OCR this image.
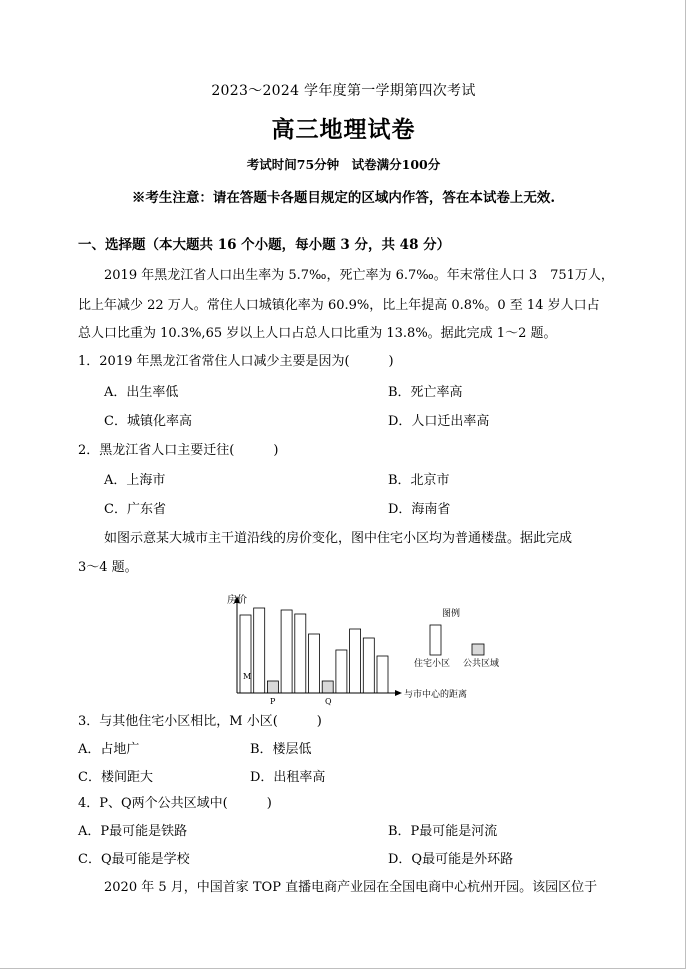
2023～2024 学年度第一学期第四次考试
高三地理试卷
考试时间75分钟　试卷满分100分
※考生注意：请在答题卡各题目规定的区域内作答，答在本试卷上无效.
一、选择题（本大题共 16 个小题，每小题 3 分，共 48 分）
2019 年黑龙江省人口出生率为 5.7‰，死亡率为 6.7‰。年末常住人口 3　751万人，
比上年减少 22 万人。常住人口城镇化率为 60.9%，比上年提高 0.8%。0 至 14 岁人口占
总人口比重为 10.3%,65 岁以上人口占总人口比重为 13.8%。据此完成 1～2 题。
1．2019 年黑龙江省常住人口减少主要是因为(　　　)
A．出生率低	B．死亡率高
C．城镇化率高	D．人口迁出率高
2．黑龙江省人口主要迁往(　　　)
A．上海市	B．北京市
C．广东省	D．海南省
如图示意某大城市主干道沿线的房价变化，图中住宅小区均为普通楼盘。据此完成
3～4 题。
房价
与市中心的距离
M
P	Q
图例
住宅小区 公共区域
3．与其他住宅小区相比，M 小区(　　　)
A．占地广	B．楼层低
C．楼间距大	D．出租率高
4．P、Q两个公共区域中(　　　)
A．P最可能是铁路	B．P最可能是河流
C．Q最可能是学校	D．Q最可能是外环路
2020 年 5 月，中国首家 TOP 直播电商产业园在全国电商中心杭州开园。该园区位于
